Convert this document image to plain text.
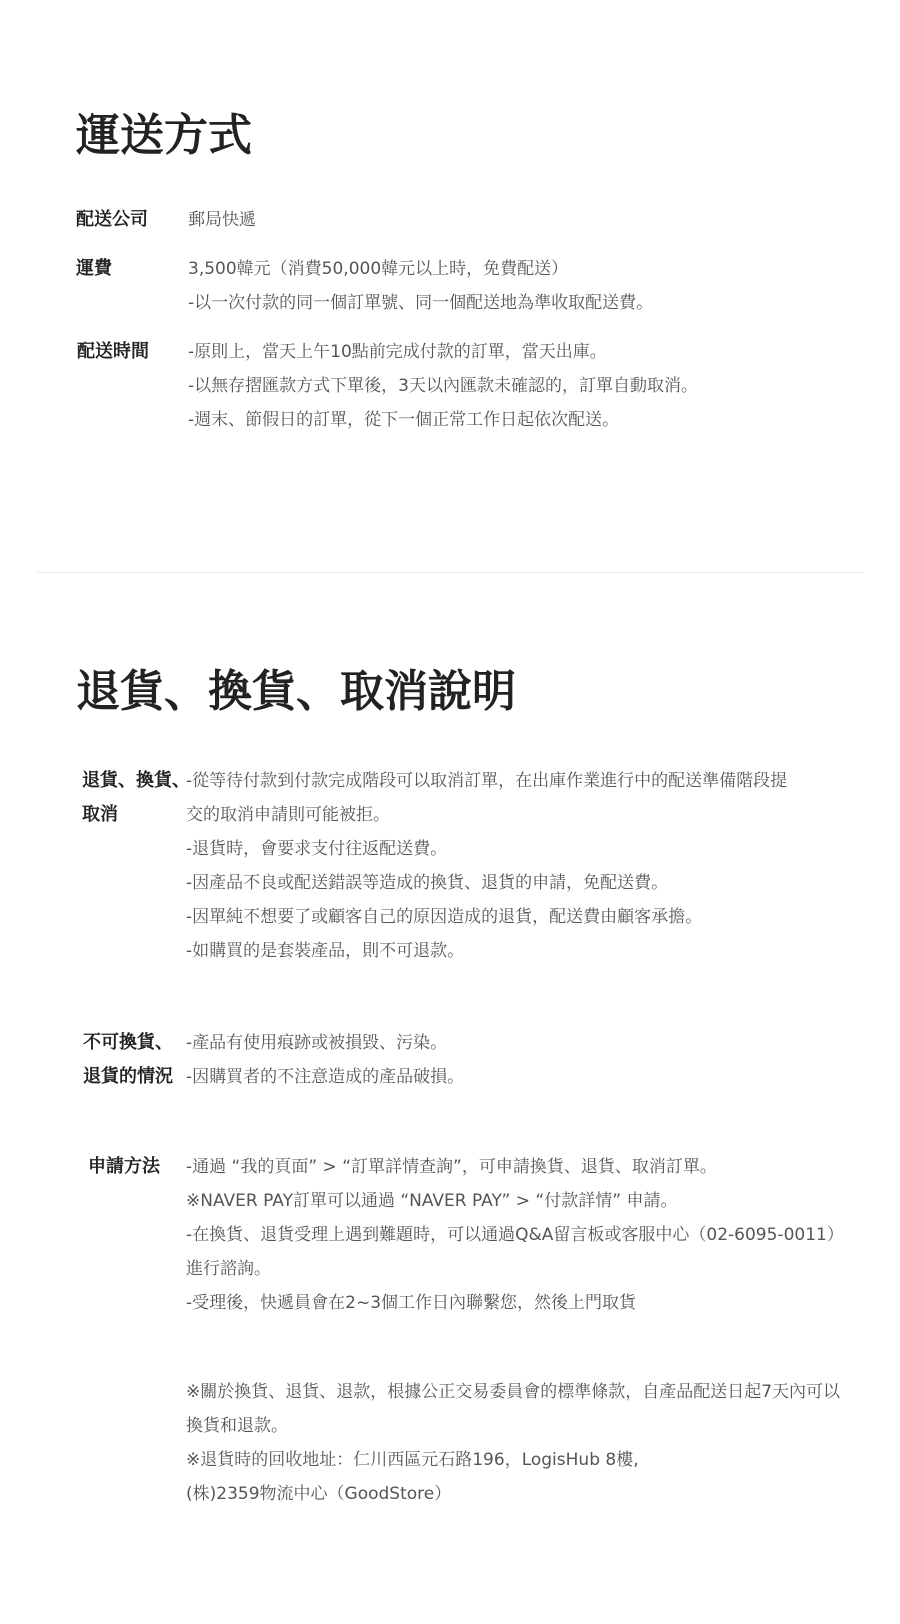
運送方式
配送公司 郵局快遞
運費	3,500韓元（消費50,000韓元以上時，免費配送）
-以一次付款的同一個訂單號、同一個配送地為準收取配送費。
配送時間 -原則上，當天上午10點前完成付款的訂單，當天出庫。
-以無存摺匯款方式下單後，3天以內匯款未確認的，訂單自動取消。
-週末、節假日的訂單，從下一個正常工作日起依次配送。
退貨、換貨、取消說明
退貨、換貨、
取消
-從等待付款到付款完成階段可以取消訂單，在出庫作業進行中的配送準備階段提
交的取消申請則可能被拒。
-退貨時，會要求支付往返配送費。
-因產品不良或配送錯誤等造成的換貨、退貨的申請，免配送費。
-因單純不想要了或顧客自己的原因造成的退貨，配送費由顧客承擔。
-如購買的是套裝產品，則不可退款。
不可換貨、
退貨的情況
-產品有使用痕跡或被損毀、污染。
-因購買者的不注意造成的產品破損。
申請方法 -通過 “我的頁面” > “訂單詳情查詢”，可申請換貨、退貨、取消訂單。
※NAVER PAY訂單可以通過 “NAVER PAY” > “付款詳情” 申請。
-在換貨、退貨受理上遇到難題時，可以通過Q&A留言板或客服中心（02-6095-0011）
進行諮詢。
-受理後，快遞員會在2~3個工作日內聯繫您，然後上門取貨
※關於換貨、退貨、退款，根據公正交易委員會的標準條款，自產品配送日起7天內可以
換貨和退款。
※退貨時的回收地址：仁川西區元石路196，LogisHub 8樓,
(株)2359物流中心（GoodStore）
